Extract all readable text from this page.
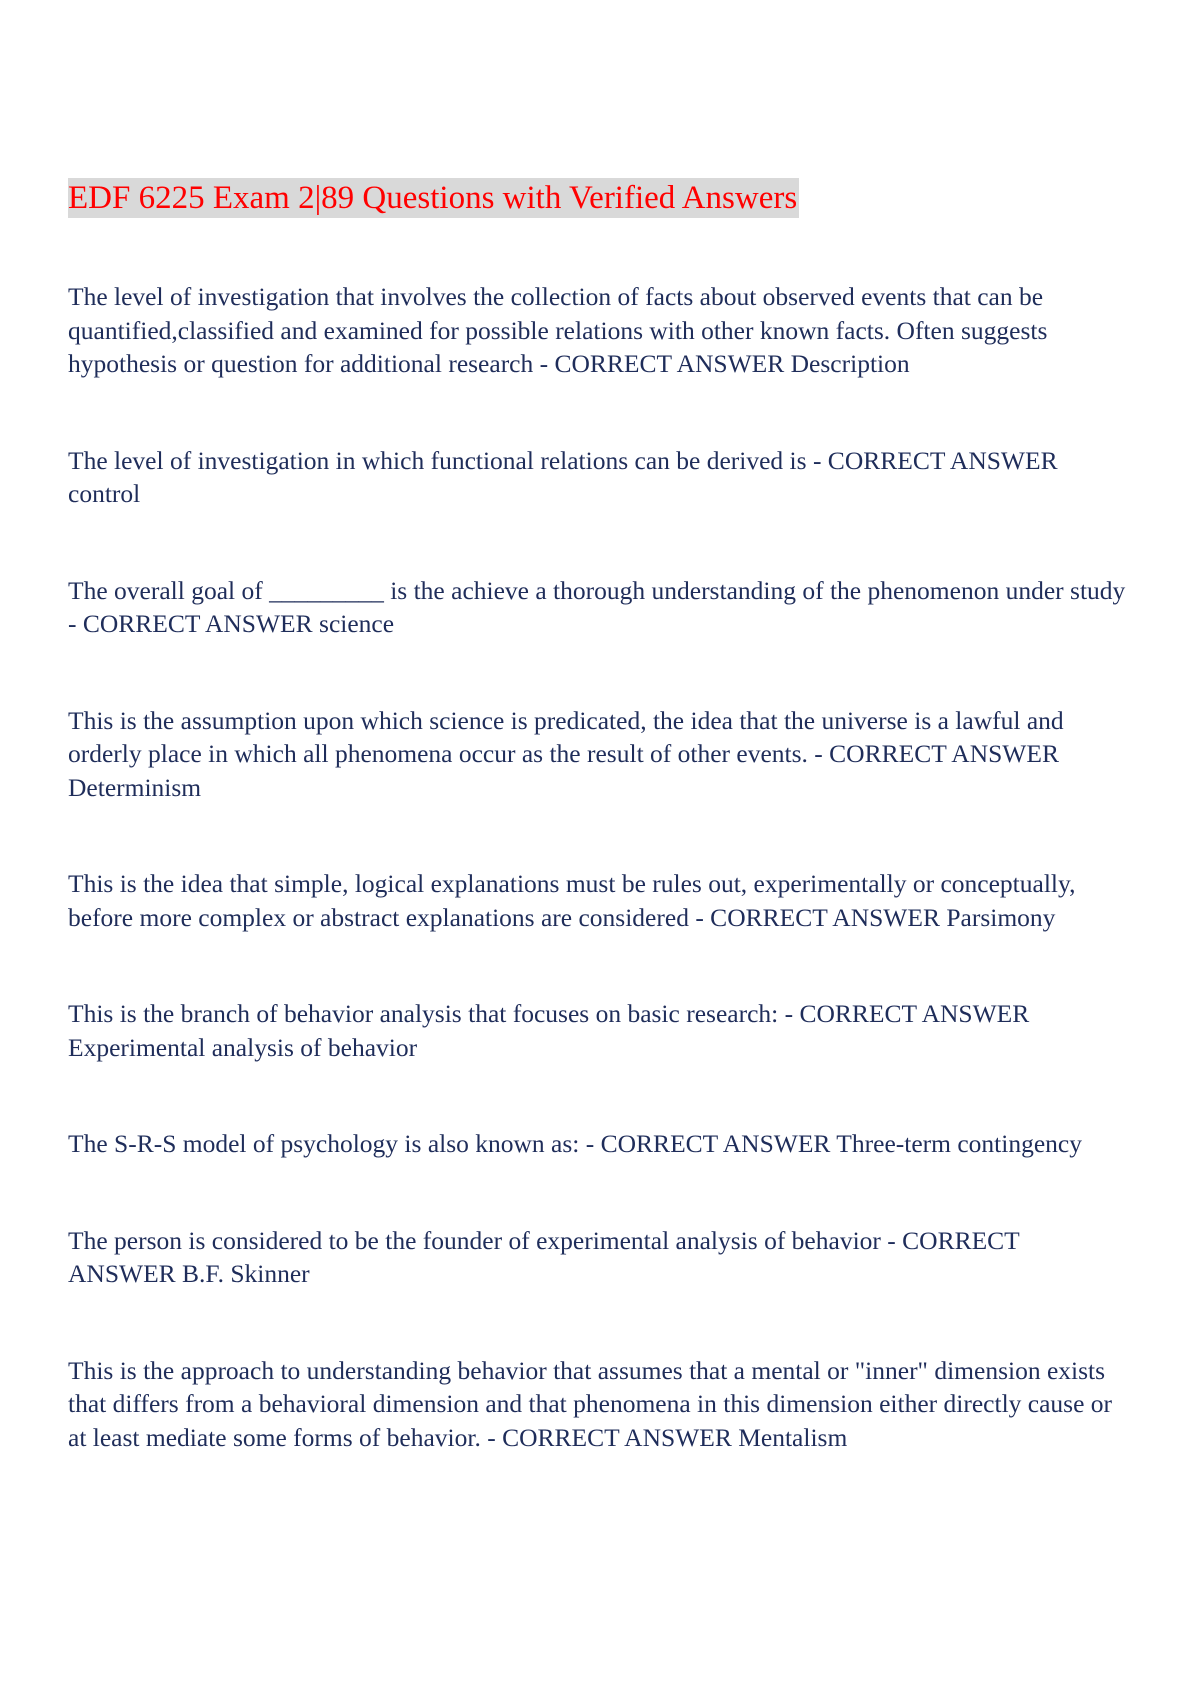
EDF 6225 Exam 2|89 Questions with Verified Answers

The level of investigation that involves the collection of facts about observed events that can be quantified,classified and examined for possible relations with other known facts. Often suggests hypothesis or question for additional research - CORRECT ANSWER Description

The level of investigation in which functional relations can be derived is - CORRECT ANSWER control

The overall goal of _________ is the achieve a thorough understanding of the phenomenon under study - CORRECT ANSWER science

This is the assumption upon which science is predicated, the idea that the universe is a lawful and orderly place in which all phenomena occur as the result of other events. - CORRECT ANSWER Determinism

This is the idea that simple, logical explanations must be rules out, experimentally or conceptually, before more complex or abstract explanations are considered - CORRECT ANSWER Parsimony

This is the branch of behavior analysis that focuses on basic research: - CORRECT ANSWER Experimental analysis of behavior

The S-R-S model of psychology is also known as: - CORRECT ANSWER Three-term contingency

The person is considered to be the founder of experimental analysis of behavior - CORRECT ANSWER B.F. Skinner

This is the approach to understanding behavior that assumes that a mental or "inner" dimension exists that differs from a behavioral dimension and that phenomena in this dimension either directly cause or at least mediate some forms of behavior. - CORRECT ANSWER Mentalism
